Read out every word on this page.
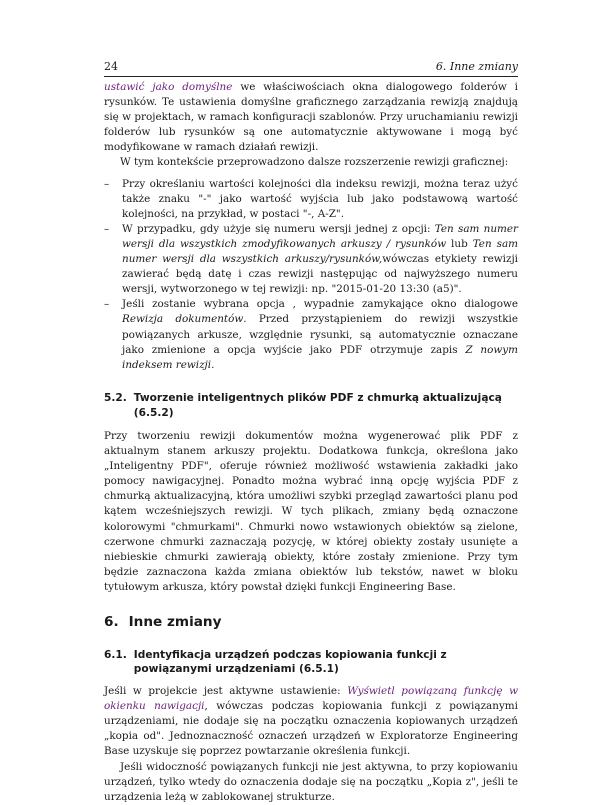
24	6. Inne zmiany

ustawić jako domyślne we właściwościach okna dialogowego folderów i rysunków. Te ustawienia domyślne graficznego zarządzania rewizją znajdują się w projektach, w ramach konfiguracji szablonów. Przy uruchamianiu rewizji folderów lub rysunków są one automatycznie aktywowane i mogą być modyfikowane w ramach działań rewizji.

W tym kontekście przeprowadzono dalsze rozszerzenie rewizji graficznej:

– Przy określaniu wartości kolejności dla indeksu rewizji, można teraz użyć także znaku "-" jako wartość wyjścia lub jako podstawową wartość kolejności, na przykład, w postaci "-, A-Z".
– W przypadku, gdy użyje się numeru wersji jednej z opcji: Ten sam numer wersji dla wszystkich zmodyfikowanych arkuszy / rysunków lub Ten sam numer wersji dla wszystkich arkuszy/rysunków,wówczas etykiety rewizji zawierać będą datę i czas rewizji następując od najwyższego numeru wersji, wytworzonego w tej rewizji: np. "2015-01-20 13:30 (a5)".
– Jeśli zostanie wybrana opcja , wypadnie zamykające okno dialogowe Rewizja dokumentów. Przed przystąpieniem do rewizji wszystkie powiązanych arkusze, względnie rysunki, są automatycznie oznaczane jako zmienione a opcja wyjście jako PDF otrzymuje zapis Z nowym indeksem rewizji.
5.2. Tworzenie inteligentnych plików PDF z chmurką aktualizującą (6.5.2)

Przy tworzeniu rewizji dokumentów można wygenerować plik PDF z aktualnym stanem arkuszy projektu. Dodatkowa funkcja, określona jako „Inteligentny PDF", oferuje również możliwość wstawienia zakładki jako pomocy nawigacyjnej. Ponadto można wybrać inną opcję wyjścia PDF z chmurką aktualizacyjną, która umożliwi szybki przegląd zawartości planu pod kątem wcześniejszych rewizji. W tych plikach, zmiany będą oznaczone kolorowymi "chmurkami". Chmurki nowo wstawionych obiektów są zielone, czerwone chmurki zaznaczają pozycję, w której obiekty zostały usunięte a niebieskie chmurki zawierają obiekty, które zostały zmienione. Przy tym będzie zaznaczona każda zmiana obiektów lub tekstów, nawet w bloku tytułowym arkusza, który powstał dzięki funkcji Engineering Base.

6. Inne zmiany
6.1. Identyfikacja urządzeń podczas kopiowania funkcji z powiązanymi urządzeniami (6.5.1)

Jeśli w projekcie jest aktywne ustawienie: Wyświetl powiązaną funkcję w okienku nawigacji, wówczas podczas kopiowania funkcji z powiązanymi urządzeniami, nie dodaje się na początku oznaczenia kopiowanych urządzeń „kopia od". Jednoznaczność oznaczeń urządzeń w Exploratorze Engineering Base uzyskuje się poprzez powtarzanie określenia funkcji.

Jeśli widoczność powiązanych funkcji nie jest aktywna, to przy kopiowaniu urządzeń, tylko wtedy do oznaczenia dodaje się na początku „Kopia z", jeśli te urządzenia leżą w zablokowanej strukturze.
